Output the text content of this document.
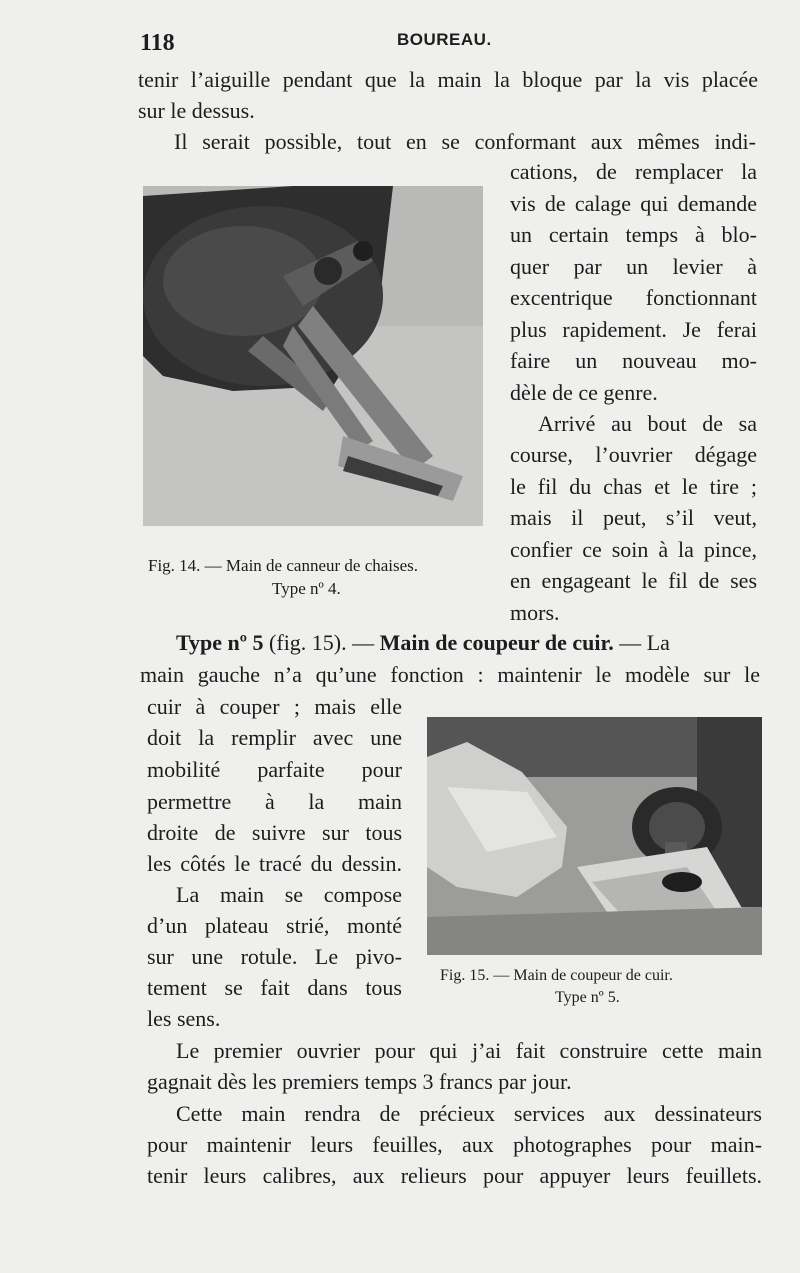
118	BOUREAU.
tenir l’aiguille pendant que la main la bloque par la vis placée
sur le dessus.
Il serait possible, tout en se conformant aux mêmes indi-
Fig. 14. — Main de canneur de chaises.
Type nº 4.
cations, de remplacer la
vis de calage qui demande
un certain temps à blo-
quer par un levier à
excentrique fonctionnant
plus rapidement. Je ferai
faire un nouveau mo-
dèle de ce genre.
Arrivé au bout de sa
course, l’ouvrier dégage
le fil du chas et le tire ;
mais il peut, s’il veut,
confier ce soin à la pince,
en engageant le fil de ses
mors.
Type nº 5 (fig. 15). — Main de coupeur de cuir. — La
main gauche n’a qu’une fonction : maintenir le modèle sur le
cuir à couper ; mais elle
doit la remplir avec une
mobilité parfaite pour
permettre à la main
droite de suivre sur tous
les côtés le tracé du dessin.
La main se compose
d’un plateau strié, monté
sur une rotule. Le pivo-
tement se fait dans tous
les sens.
Fig. 15. — Main de coupeur de cuir.
Type nº 5.
Le premier ouvrier pour qui j’ai fait construire cette main
gagnait dès les premiers temps 3 francs par jour.
Cette main rendra de précieux services aux dessinateurs
pour maintenir leurs feuilles, aux photographes pour main-
tenir leurs calibres, aux relieurs pour appuyer leurs feuillets.
